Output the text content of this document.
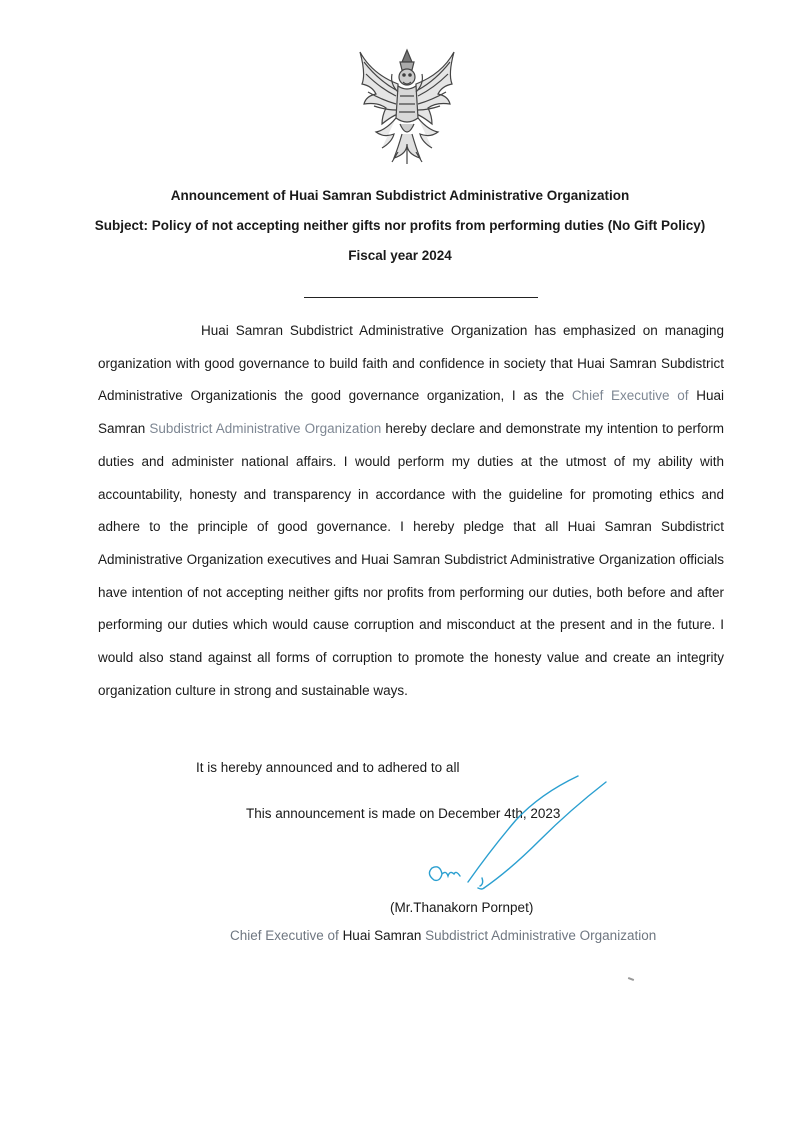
Announcement of Huai Samran Subdistrict Administrative Organization
Subject: Policy of not accepting neither gifts nor profits from performing duties (No Gift Policy)
Fiscal year 2024
Huai Samran Subdistrict Administrative Organization has emphasized on managing organization with good governance to build faith and confidence in society that Huai Samran Subdistrict Administrative Organizationis the good governance organization, I as the Chief Executive of Huai Samran Subdistrict Administrative Organization hereby declare and demonstrate my intention to perform duties and administer national affairs. I would perform my duties at the utmost of my ability with accountability, honesty and transparency in accordance with the guideline for promoting ethics and adhere to the principle of good governance. I hereby pledge that all Huai Samran Subdistrict Administrative Organization executives and Huai Samran Subdistrict Administrative Organization officials have intention of not accepting neither gifts nor profits from performing our duties, both before and after performing our duties which would cause corruption and misconduct at the present and in the future. I would also stand against all forms of corruption to promote the honesty value and create an integrity organization culture in strong and sustainable ways.
It is hereby announced and to adhered to all
This announcement is made on December 4th, 2023
(Mr.Thanakorn Pornpet)
Chief Executive of Huai Samran Subdistrict Administrative Organization
